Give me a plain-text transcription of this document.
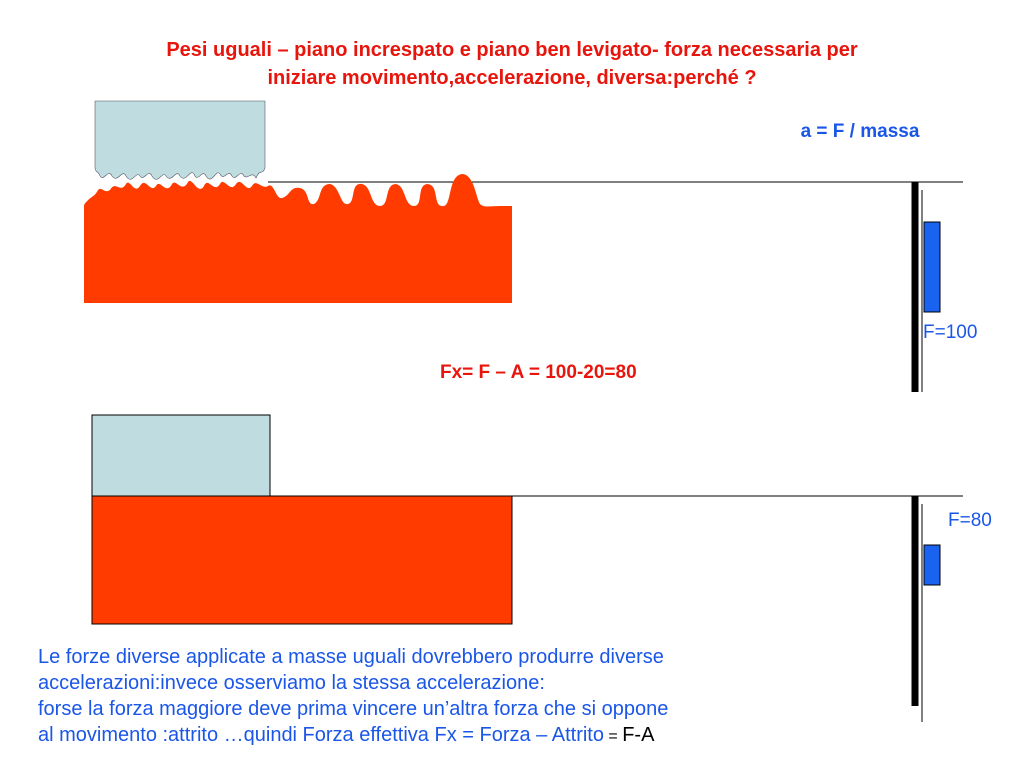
Pesi uguali – piano increspato e piano ben levigato- forza necessaria per
iniziare movimento,accelerazione, diversa:perché ?
a = F / massa
F=100
Fx= F – A = 100-20=80
F=80
Le forze diverse applicate a masse uguali dovrebbero produrre diverse
accelerazioni:invece osserviamo la stessa accelerazione:
forse la forza maggiore deve prima vincere un’altra forza che si oppone
al movimento :attrito …quindi Forza effettiva Fx = Forza – Attrito = F-A
